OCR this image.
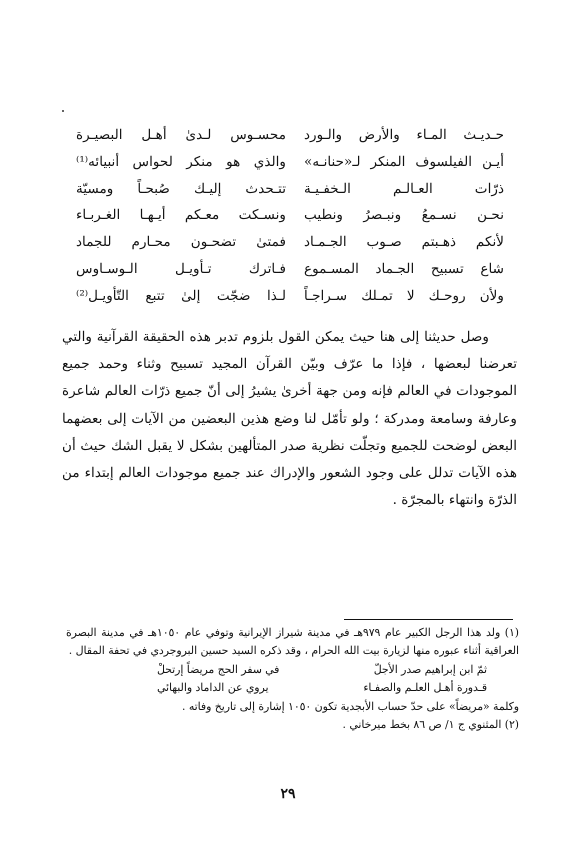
حـديـث المـاء والأرض والـورد
محسـوس لـدىٰ أهـل البصيـرة
أيـن الفيلسوف المنكر لـ«حنانـه»
والذي هو منكر لحواس أنبيائه⁽¹⁾
ذرّات العـالـم الـخفـيـة
تتـحدث إليـك صُبحـاً ومسيّة
نحـن نسـمعُ ونبـصرُ ونطيب
ونسـكت معـكم أيـهـا الغـربـاء
لأنكم ذهـبتم صـوب الجـمـاد
فمتىٰ تضحـون محـارم للجماد
شاع تسبيح الجـماد المسـموع
فـاترك تـأويـل الـوسـاوس
ولأن روحـك لا تمـلك سـراجـاً
لـذا ضجّت إلىٰ تتبع التّأويـل⁽²⁾

وصل حديثنا إلى هنا حيث يمكن القول بلزوم تدبر هذه الحقيقة القرآنية والتي تعرضنا لبعضها ، فإذا ما عرّف وبيّن القرآن المجيد تسبيح وثناء وحمد جميع الموجودات في العالم فإنه ومن جهة أخرىٰ يشيرُ إلى أنّ جميع ذرّات العالم شاعرة وعارفة وسامعة ومدركة ؛ ولو تأمّل لنا وضع هذين البعضين من الآيات إلى بعضهما البعض لوضحت للجميع وتجلّت نظرية صدر المتألهين بشكل لا يقبل الشك حيث أن هذه الآيات تدلل على وجود الشعور والإدراك عند جميع موجودات العالم إبتداء من الذرّة وانتهاء بالمجرّة .

(١) ولد هذا الرجل الكبير عام ٩٧٩هـ في مدينة شيراز الإيرانية وتوفي عام ١٠٥٠هـ في مدينة البصرة العراقية أثناء عبوره منها لزيارة بيت الله الحرام ، وقد ذكره السيد حسين البروجردي في تحفة المقال .

ثمّ ابن إبراهيم صدر الأجلّ
في سفر الحج مريضاً إرتحلْ
قـدورة أهـل العلـم والصفـاء
يروي عن الداماد والبهائي

وكلمة «مريضاً» على حدّ حساب الأبجدية تكون ١٠٥٠ إشارة إلى تاريخ وفاته .

(٢) المثنوي ج ١/ ص ٨٦ بخط ميرخاني .

٢٩
